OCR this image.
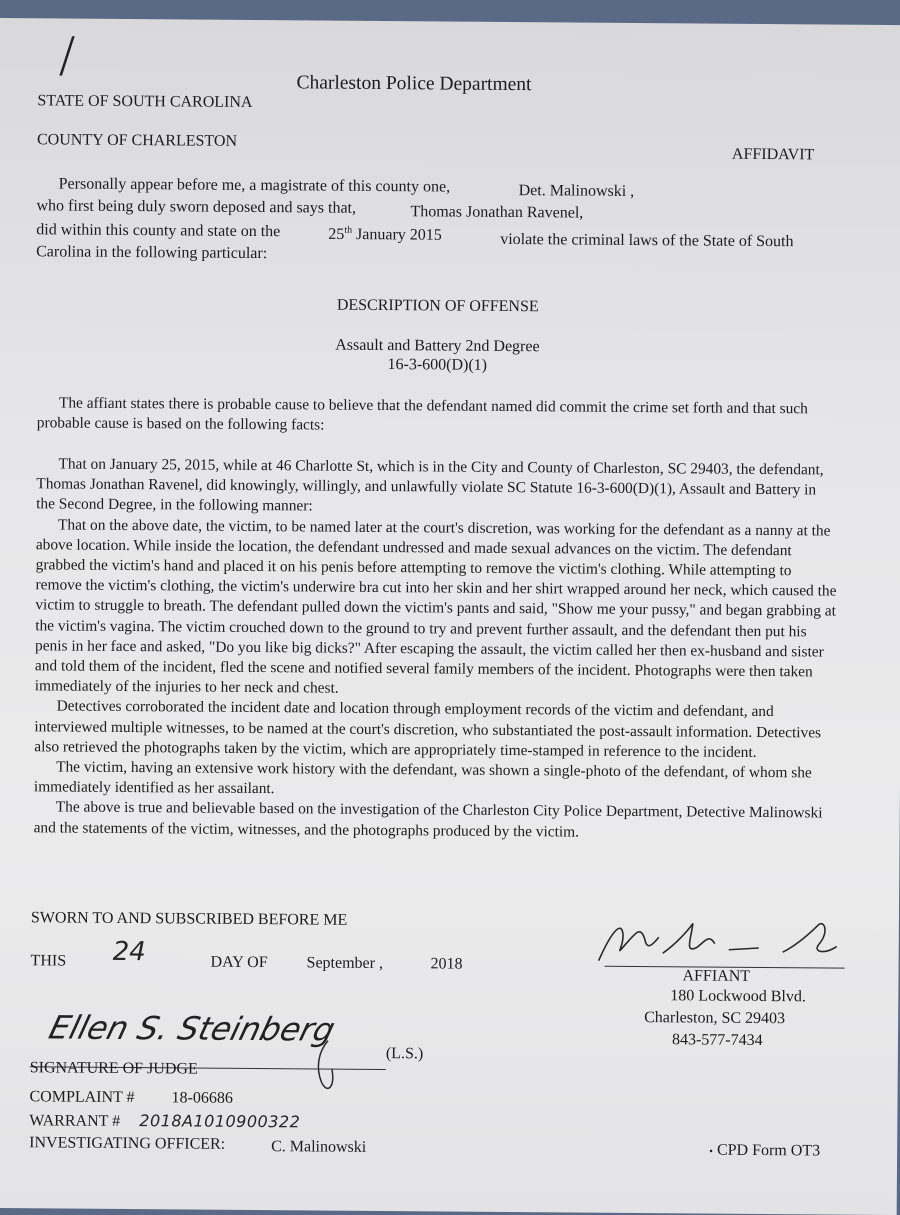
/	Charleston Police Department
STATE OF SOUTH CAROLINA
COUNTY OF CHARLESTON
AFFIDAVIT
Personally appear before me, a magistrate of this county one,	Det. Malinowski ,
who first being duly sworn deposed and says that,	Thomas Jonathan Ravenel,
did within this county and state on the	25th January 2015	violate the criminal laws of the State of South
Carolina in the following particular:
DESCRIPTION OF OFFENSE
Assault and Battery 2nd Degree
16-3-600(D)(1)

The affiant states there is probable cause to believe that the defendant named did commit the crime set forth and that such probable cause is based on the following facts:

That on January 25, 2015, while at 46 Charlotte St, which is in the City and County of Charleston, SC 29403, the defendant, Thomas Jonathan Ravenel, did knowingly, willingly, and unlawfully violate SC Statute 16-3-600(D)(1), Assault and Battery in the Second Degree, in the following manner:

That on the above date, the victim, to be named later at the court's discretion, was working for the defendant as a nanny at the above location. While inside the location, the defendant undressed and made sexual advances on the victim. The defendant grabbed the victim's hand and placed it on his penis before attempting to remove the victim's clothing. While attempting to remove the victim's clothing, the victim's underwire bra cut into her skin and her shirt wrapped around her neck, which caused the victim to struggle to breath. The defendant pulled down the victim's pants and said, "Show me your pussy," and began grabbing at the victim's vagina. The victim crouched down to the ground to try and prevent further assault, and the defendant then put his penis in her face and asked, "Do you like big dicks?" After escaping the assault, the victim called her then ex-husband and sister and told them of the incident, fled the scene and notified several family members of the incident. Photographs were then taken immediately of the injuries to her neck and chest.

Detectives corroborated the incident date and location through employment records of the victim and defendant, and interviewed multiple witnesses, to be named at the court's discretion, who substantiated the post-assault information. Detectives also retrieved the photographs taken by the victim, which are appropriately time-stamped in reference to the incident.

The victim, having an extensive work history with the defendant, was shown a single-photo of the defendant, of whom she immediately identified as her assailant.

The above is true and believable based on the investigation of the Charleston City Police Department, Detective Malinowski and the statements of the victim, witnesses, and the photographs produced by the victim.

SWORN TO AND SUBSCRIBED BEFORE ME
THIS 24	DAY OF September ,	2018
AFFIANT
180 Lockwood Blvd.
Charleston, SC 29403
843-577-7434
Ellen S. Steinberg
(L.S.)
SIGNATURE OF JUDGE
COMPLAINT # 18-06686
WARRANT # 2018A1010900322
INVESTIGATING OFFICER:	C. Malinowski	• CPD Form OT3
